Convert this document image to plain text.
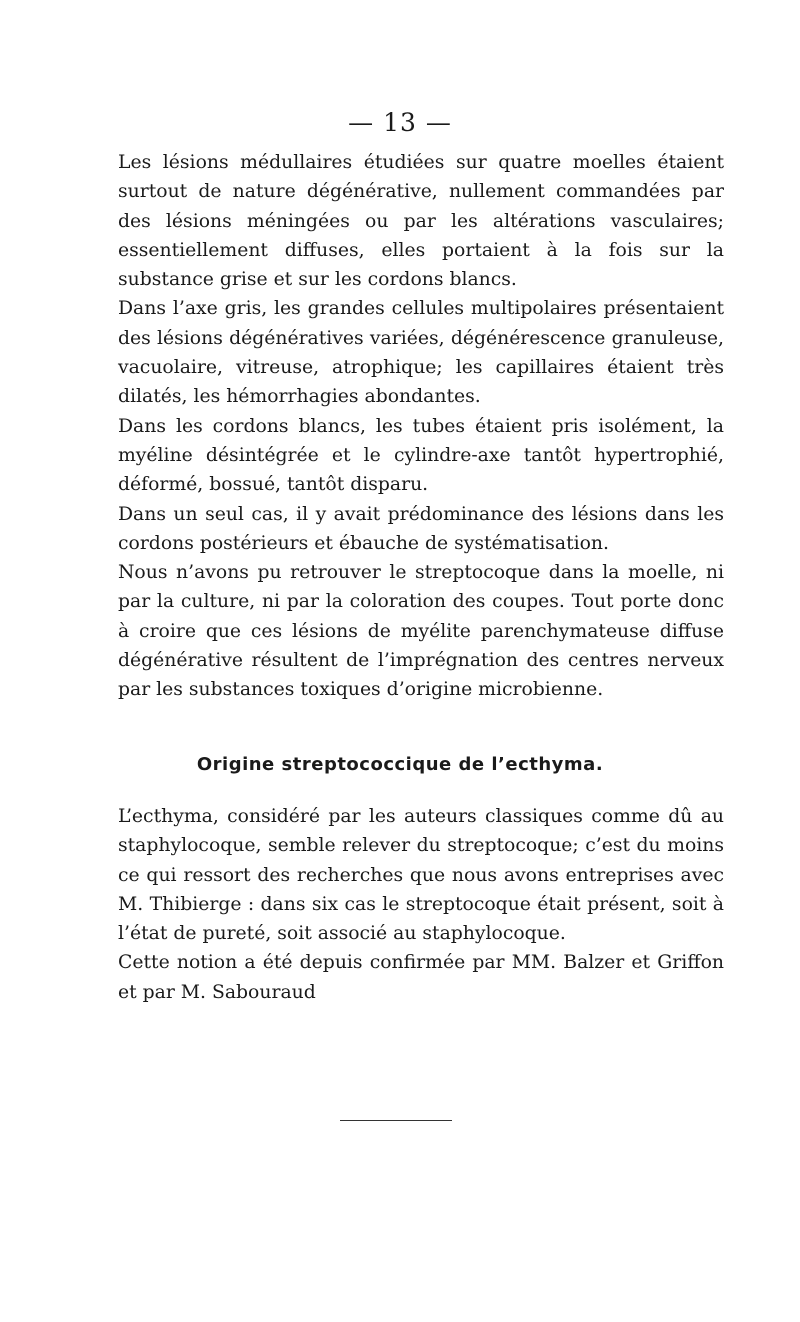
— 13 —

Les lésions médullaires étudiées sur quatre moelles étaient surtout de nature dégénérative, nullement commandées par des lésions méningées ou par les altérations vasculaires; essentiellement diffuses, elles portaient à la fois sur la substance grise et sur les cordons blancs.

Dans l’axe gris, les grandes cellules multipolaires présentaient des lésions dégénératives variées, dégénérescence granuleuse, vacuolaire, vitreuse, atrophique; les capillaires étaient très dilatés, les hémorrhagies abondantes.

Dans les cordons blancs, les tubes étaient pris isolément, la myéline désintégrée et le cylindre-axe tantôt hypertrophié, déformé, bossué, tantôt disparu.

Dans un seul cas, il y avait prédominance des lésions dans les cordons postérieurs et ébauche de systématisation.

Nous n’avons pu retrouver le streptocoque dans la moelle, ni par la culture, ni par la coloration des coupes. Tout porte donc à croire que ces lésions de myélite parenchymateuse diffuse dégénérative résultent de l’imprégnation des centres nerveux par les substances toxiques d’origine microbienne.

Origine streptococcique de l’ecthyma.

L’ecthyma, considéré par les auteurs classiques comme dû au staphylocoque, semble relever du streptocoque; c’est du moins ce qui ressort des recherches que nous avons entreprises avec M. Thibierge : dans six cas le streptocoque était présent, soit à l’état de pureté, soit associé au staphylocoque.

Cette notion a été depuis confirmée par MM. Balzer et Griffon et par M. Sabouraud
